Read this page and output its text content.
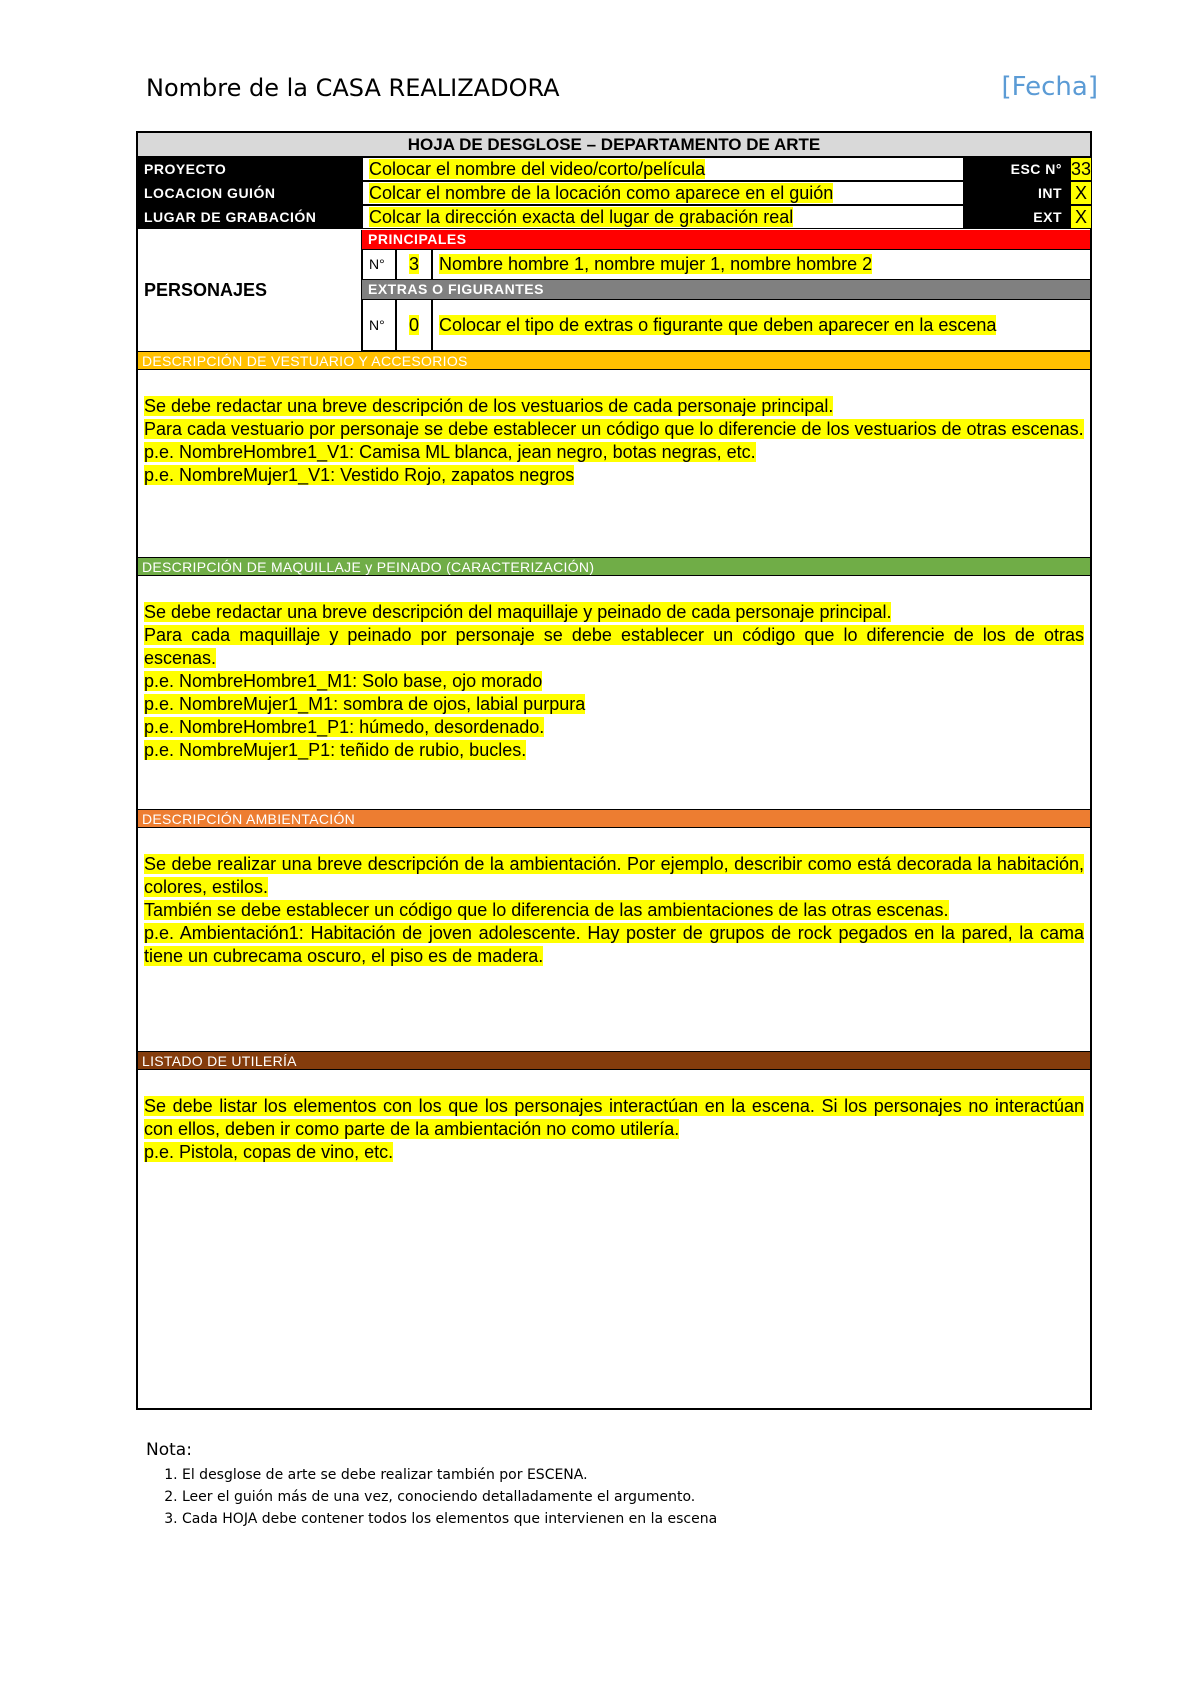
Nombre de la CASA REALIZADORA	[Fecha]
HOJA DE DESGLOSE – DEPARTAMENTO DE ARTE
PROYECTO	Colocar el nombre del video/corto/película	ESC N° 33
LOCACION GUIÓN	Colcar el nombre de la locación como aparece en el guión	INT X
LUGAR DE GRABACIÓN	Colcar la dirección exacta del lugar de grabación real	EXT X
PERSONAJES
PRINCIPALES
N°	3	Nombre hombre 1, nombre mujer 1, nombre hombre 2
EXTRAS O FIGURANTES
N°	0	Colocar el tipo de extras o figurante que deben aparecer en la escena
DESCRIPCIÓN DE VESTUARIO Y ACCESORIOS
Se debe redactar una breve descripción de los vestuarios de cada personaje principal.
Para cada vestuario por personaje se debe establecer un código que lo diferencie de los vestuarios de otras escenas.
p.e. NombreHombre1_V1: Camisa ML blanca, jean negro, botas negras, etc.
p.e. NombreMujer1_V1: Vestido Rojo, zapatos negros
DESCRIPCIÓN DE MAQUILLAJE y PEINADO (CARACTERIZACIÓN)
Se debe redactar una breve descripción del maquillaje y peinado de cada personaje principal.
Para cada maquillaje y peinado por personaje se debe establecer un código que lo diferencie de los de otras escenas.
p.e. NombreHombre1_M1: Solo base, ojo morado
p.e. NombreMujer1_M1: sombra de ojos, labial purpura
p.e. NombreHombre1_P1: húmedo, desordenado.
p.e. NombreMujer1_P1: teñido de rubio, bucles.
DESCRIPCIÓN AMBIENTACIÓN
Se debe realizar una breve descripción de la ambientación. Por ejemplo, describir como está decorada la habitación, colores, estilos.
También se debe establecer un código que lo diferencia de las ambientaciones de las otras escenas.
p.e. Ambientación1: Habitación de joven adolescente. Hay poster de grupos de rock pegados en la pared, la cama tiene un cubrecama oscuro, el piso es de madera.
LISTADO DE UTILERÍA
Se debe listar los elementos con los que los personajes interactúan en la escena. Si los personajes no interactúan con ellos, deben ir como parte de la ambientación no como utilería.
p.e. Pistola, copas de vino, etc.
Nota:
1. El desglose de arte se debe realizar también por ESCENA.
2. Leer el guión más de una vez, conociendo detalladamente el argumento.
3. Cada HOJA debe contener todos los elementos que intervienen en la escena
